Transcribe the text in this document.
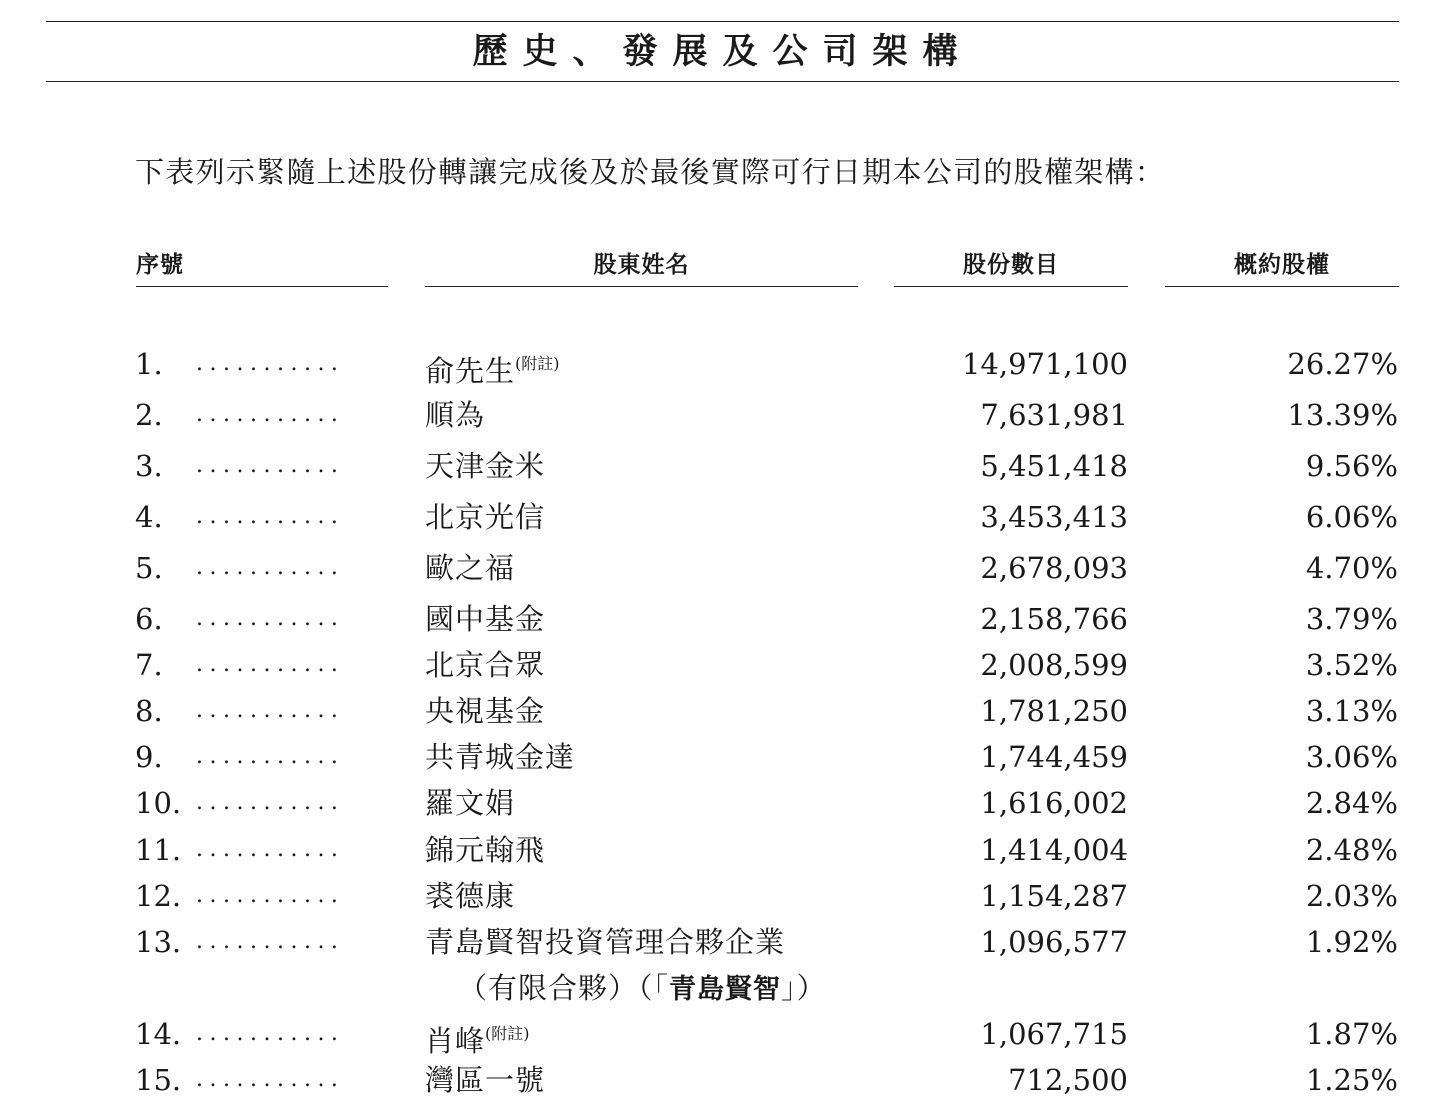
歷史、發展及公司架構
下表列示緊隨上述股份轉讓完成後及於最後實際可行日期本公司的股權架構：
序號	股東姓名	股份數目	概約股權
1. ...........	俞先生$^{(附註)}$	14,971,100	26.27%
2. ...........	順為	7,631,981	13.39%
3. ...........	天津金米	5,451,418	9.56%
4. ...........	北京光信	3,453,413	6.06%
5. ...........	歐之福	2,678,093	4.70%
6. ...........	國中基金	2,158,766	3.79%
7. ...........	北京合眾	2,008,599	3.52%
8. ...........	央視基金	1,781,250	3.13%
9. ...........	共青城金達	1,744,459	3.06%
10. ...........	羅文娟	1,616,002	2.84%
11. ...........	錦元翰飛	1,414,004	2.48%
12. ...........	裘德康	1,154,287	2.03%
13. ...........	青島賢智投資管理合夥企業	1,096,577	1.92%
（有限合夥）（「青島賢智」）
14. ...........	肖峰$^{(附註)}$	1,067,715	1.87%
15. ...........	灣區一號	712,500	1.25%
